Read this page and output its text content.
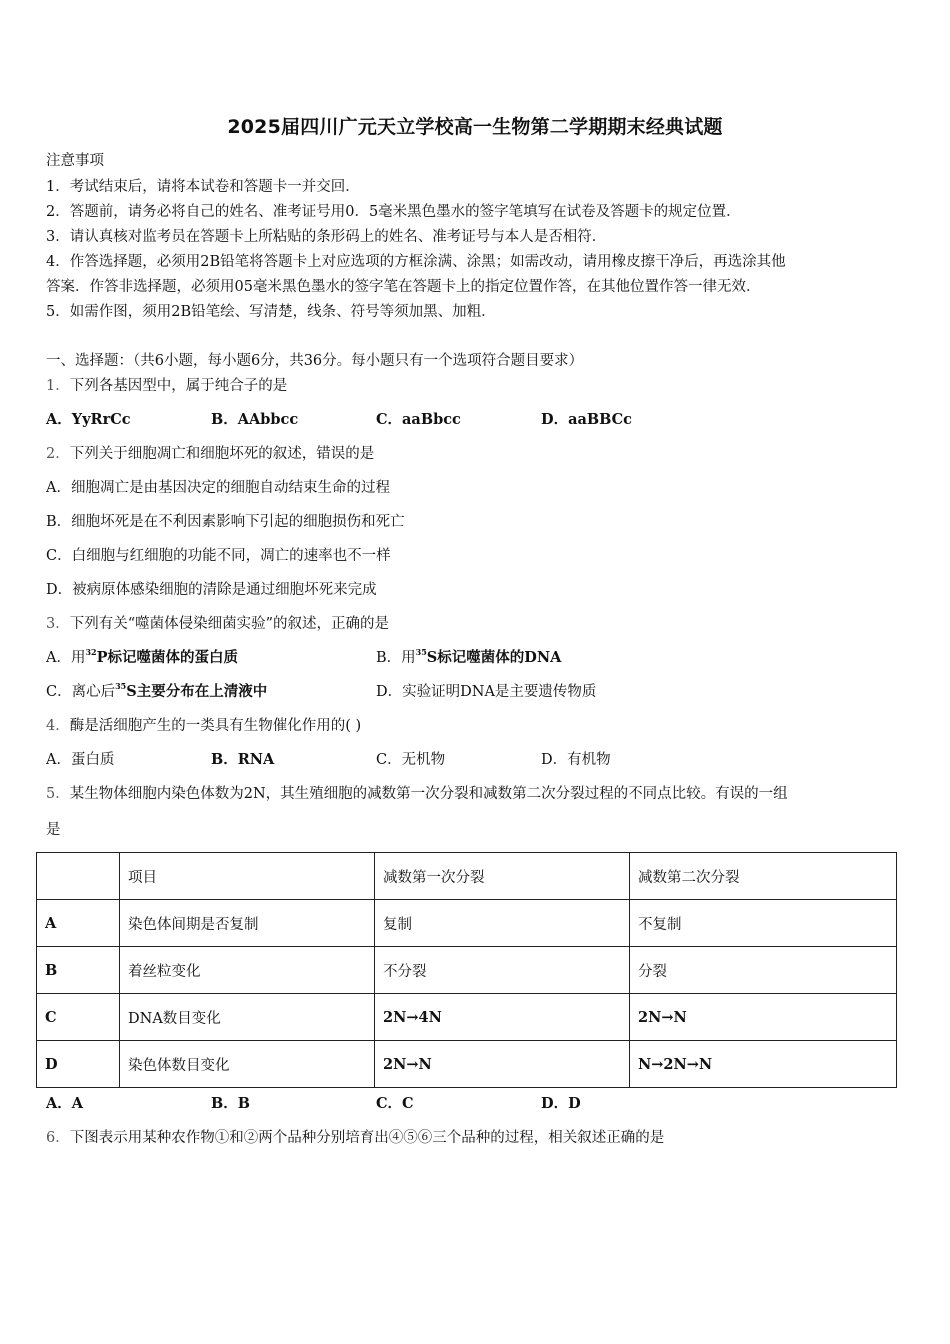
2025届四川广元天立学校高一生物第二学期期末经典试题
注意事项
1．考试结束后，请将本试卷和答题卡一并交回．
2．答题前，请务必将自己的姓名、准考证号用0．5毫米黑色墨水的签字笔填写在试卷及答题卡的规定位置．
3．请认真核对监考员在答题卡上所粘贴的条形码上的姓名、准考证号与本人是否相符．
4．作答选择题，必须用2B铅笔将答题卡上对应选项的方框涂满、涂黑；如需改动，请用橡皮擦干净后，再选涂其他
答案．作答非选择题，必须用05毫米黑色墨水的签字笔在答题卡上的指定位置作答，在其他位置作答一律无效．
5．如需作图，须用2B铅笔绘、写清楚，线条、符号等须加黑、加粗．
一、选择题：（共6小题，每小题6分，共36分。每小题只有一个选项符合题目要求）
1．下列各基因型中，属于纯合子的是
A．YyRrCc	B．AAbbcc	C．aaBbcc	D．aaBBCc
2．下列关于细胞凋亡和细胞坏死的叙述，错误的是
A．细胞凋亡是由基因决定的细胞自动结束生命的过程
B．细胞坏死是在不利因素影响下引起的细胞损伤和死亡
C．白细胞与红细胞的功能不同，凋亡的速率也不一样
D．被病原体感染细胞的清除是通过细胞坏死来完成
3．下列有关“噬菌体侵染细菌实验”的叙述，正确的是
A．用$^{32}$P标记噬菌体的蛋白质	B．用$^{35}$S标记噬菌体的DNA
C．离心后$^{35}$S主要分布在上清液中	D．实验证明DNA是主要遗传物质
4．酶是活细胞产生的一类具有生物催化作用的( )
A．蛋白质	B．RNA	C．无机物	D．有机物
5．某生物体细胞内染色体数为2N，其生殖细胞的减数第一次分裂和减数第二次分裂过程的不同点比较。有误的一组
是
	项目	减数第一次分裂	减数第二次分裂
A	染色体间期是否复制	复制	不复制
B	着丝粒变化	不分裂	分裂
C	DNA数目变化	2N→4N	2N→N
D	染色体数目变化	2N→N	N→2N→N
A．A	B．B	C．C	D．D
6．下图表示用某种农作物①和②两个品种分别培育出④⑤⑥三个品种的过程，相关叙述正确的是
